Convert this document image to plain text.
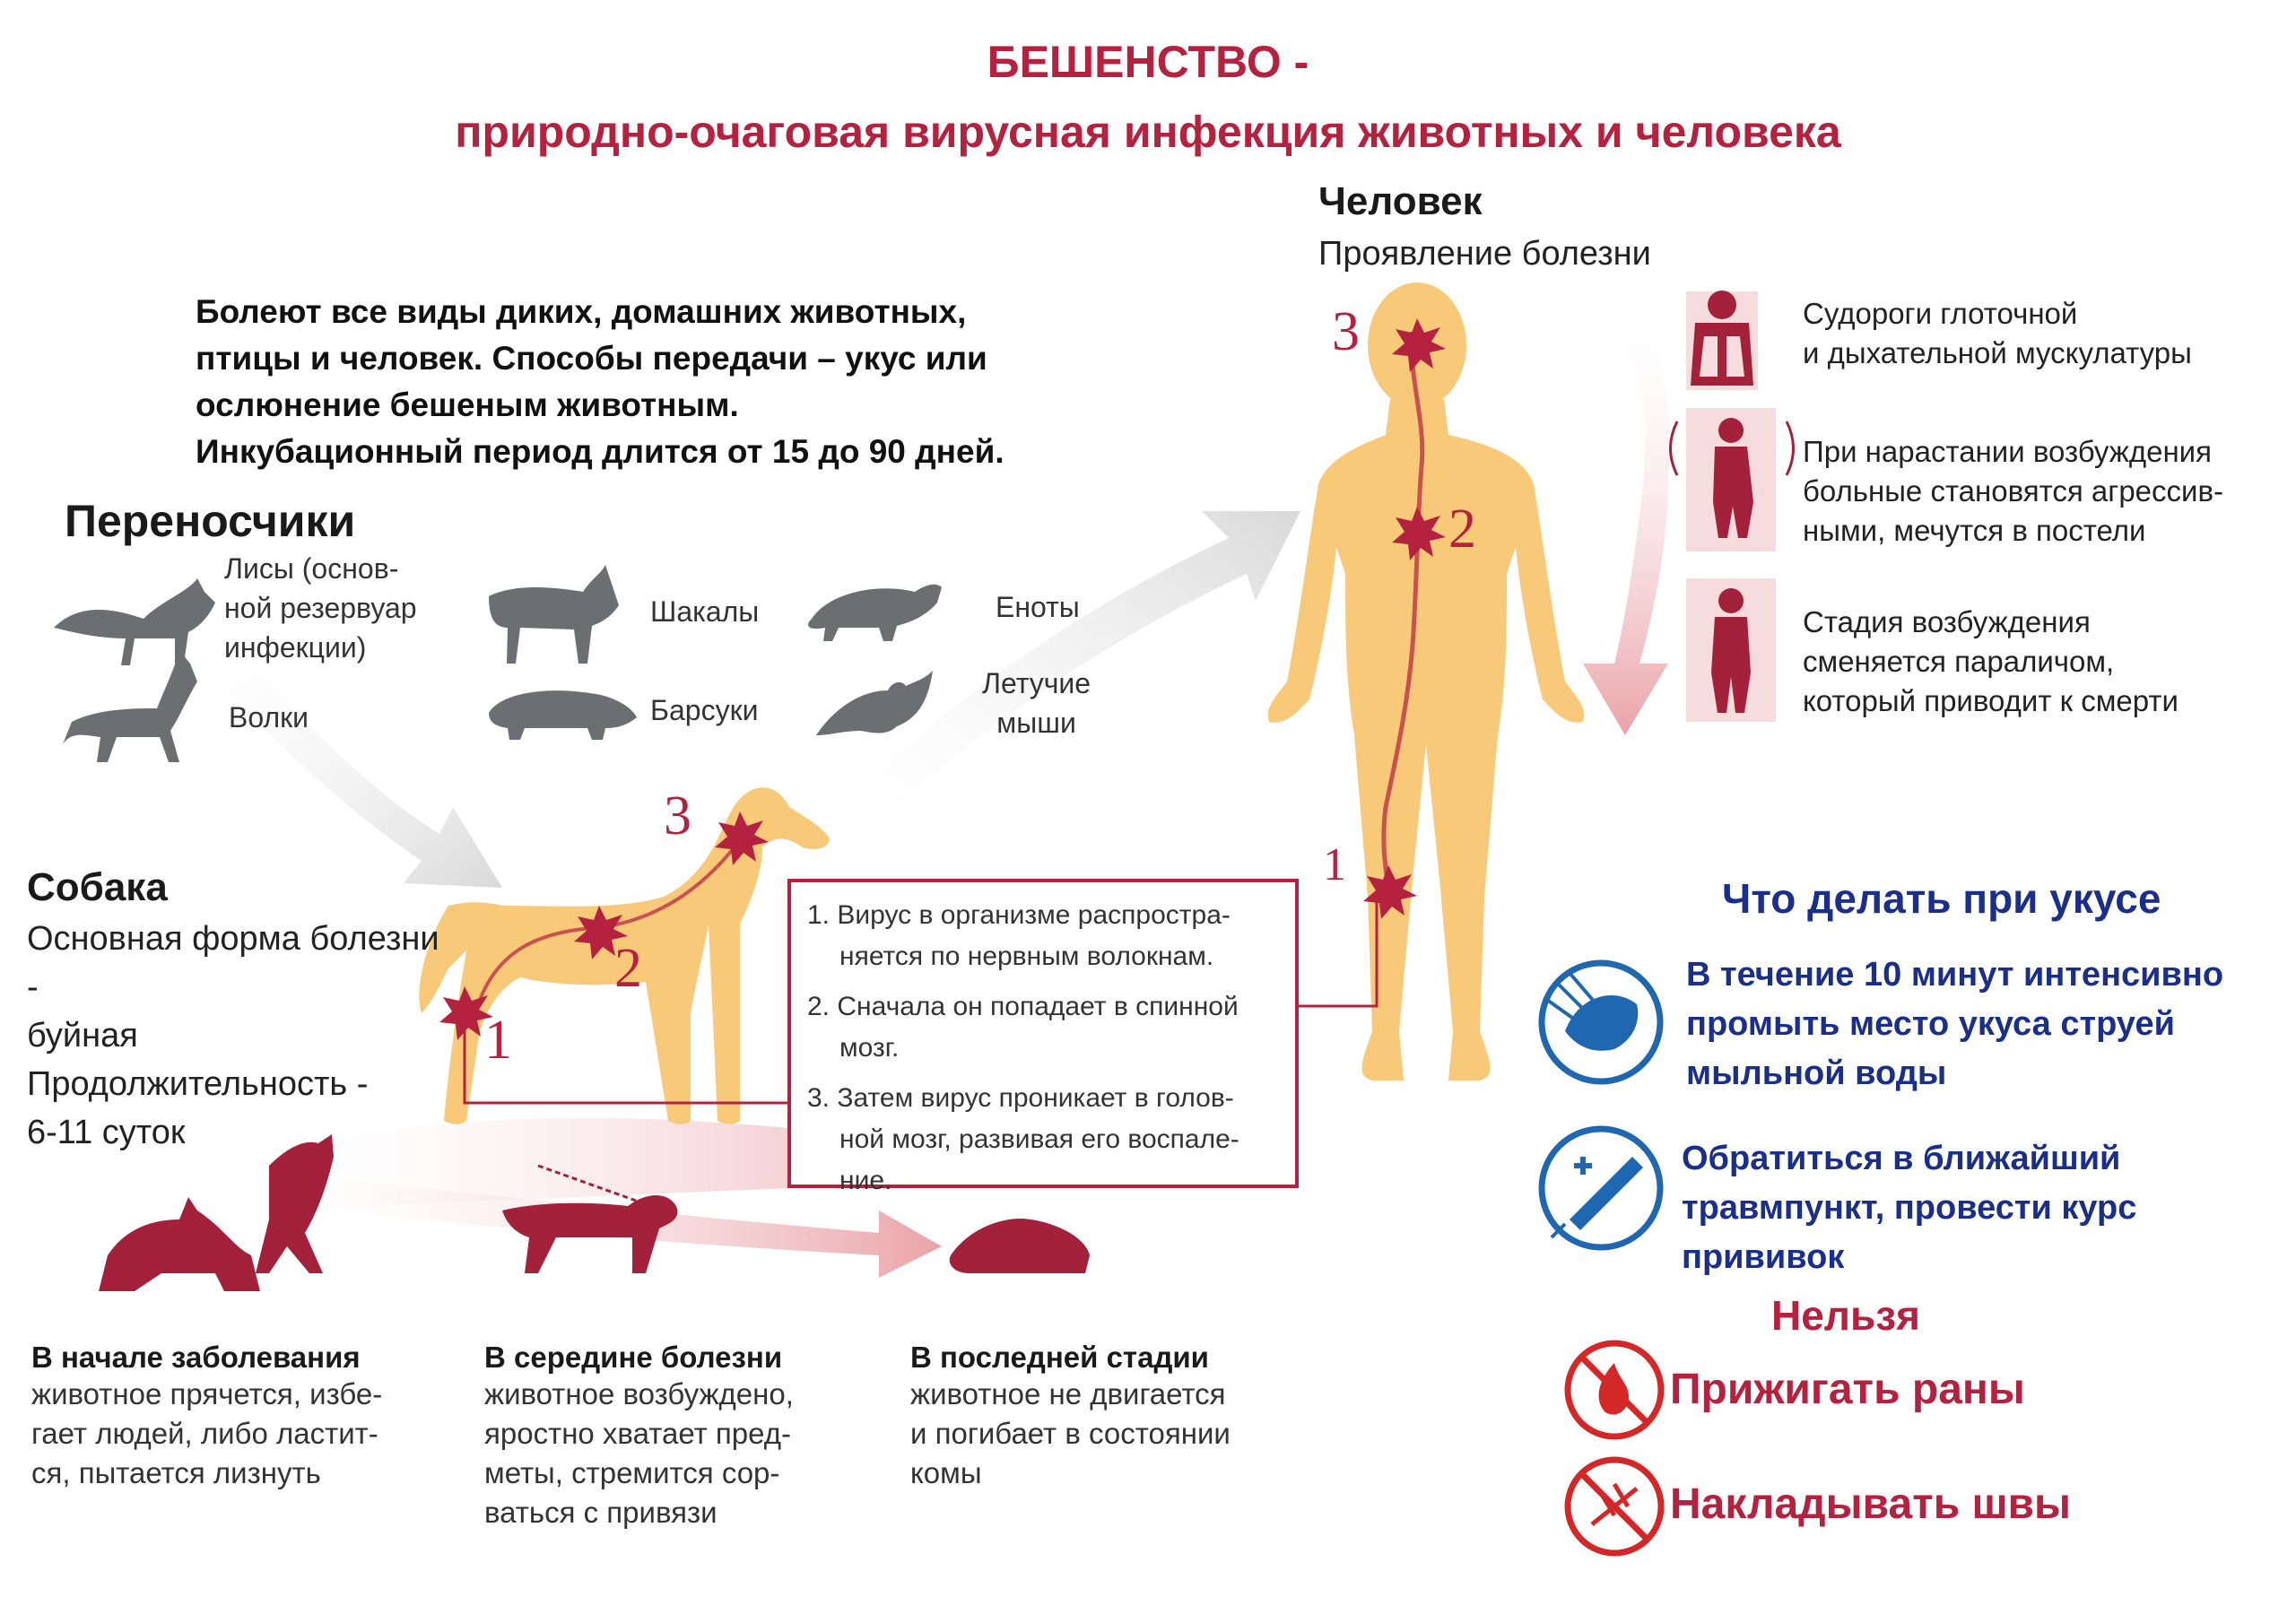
БЕШЕНСТВО -
природно-очаговая вирусная инфекция животных и человека
Болеют все виды диких, домашних животных,
птицы и человек. Способы передачи – укус или
ослюнение бешеным животным.
Инкубационный период длится от 15 до 90 дней.
Переносчики
Лисы (основ-
ной резервуар
инфекции)
Волки
Шакалы
Барсуки
Еноты
Летучие
мыши
Собака
Основная форма болезни -
буйная
Продолжительность -
6-11 суток
1
2
3
1. Вирус в организме распростра-
няется по нервным волокнам.
2. Сначала он попадает в спинной
мозг.
3. Затем вирус проникает в голов-
ной мозг, развивая его воспале-
ние.
Человек
Проявление болезни
3
2
1
Судороги глоточной
и дыхательной мускулатуры
При нарастании возбуждения
больные становятся агрессив-
ными, мечутся в постели
Стадия возбуждения
сменяется параличом,
который приводит к смерти
В начале заболевания
животное прячется, избе-
гает людей, либо ластит-
ся, пытается лизнуть
В середине болезни
животное возбуждено,
яростно хватает пред-
меты, стремится сор-
ваться с привязи
В последней стадии
животное не двигается
и погибает в состоянии
комы
Что делать при укусе
В течение 10 минут интенсивно
промыть место укуса струей
мыльной воды
Обратиться в ближайший
травмпункт, провести курс
прививок
Нельзя
Прижигать раны
Накладывать швы
